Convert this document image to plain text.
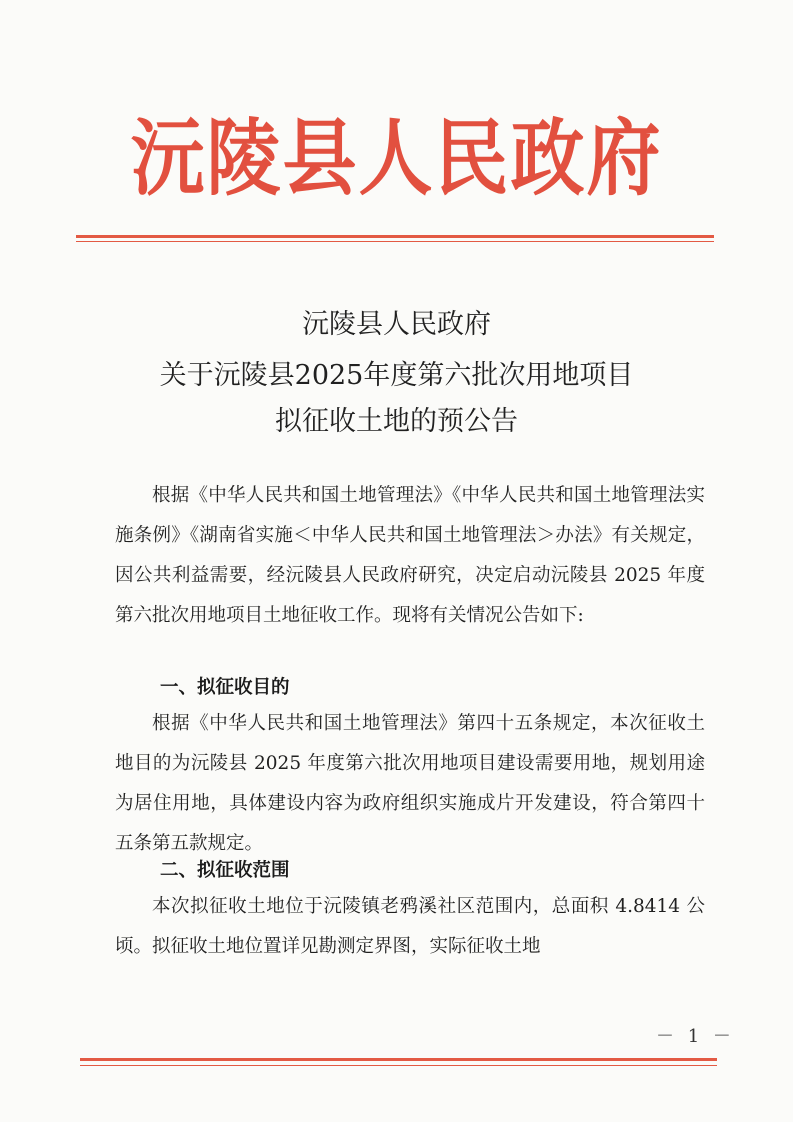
沅陵县人民政府
沅陵县人民政府
关于沅陵县2025年度第六批次用地项目
拟征收土地的预公告
根据《中华人民共和国土地管理法》《中华人民共和国土地管理法实施条例》《湖南省实施＜中华人民共和国土地管理法＞办法》有关规定，因公共利益需要，经沅陵县人民政府研究，决定启动沅陵县 2025 年度第六批次用地项目土地征收工作。现将有关情况公告如下:
一、拟征收目的
根据《中华人民共和国土地管理法》第四十五条规定，本次征收土地目的为沅陵县 2025 年度第六批次用地项目建设需要用地，规划用途为居住用地，具体建设内容为政府组织实施成片开发建设，符合第四十五条第五款规定。
二、拟征收范围
本次拟征收土地位于沅陵镇老鸦溪社区范围内，总面积 4.8414 公顷。拟征收土地位置详见勘测定界图，实际征收土地
－ 1 －
